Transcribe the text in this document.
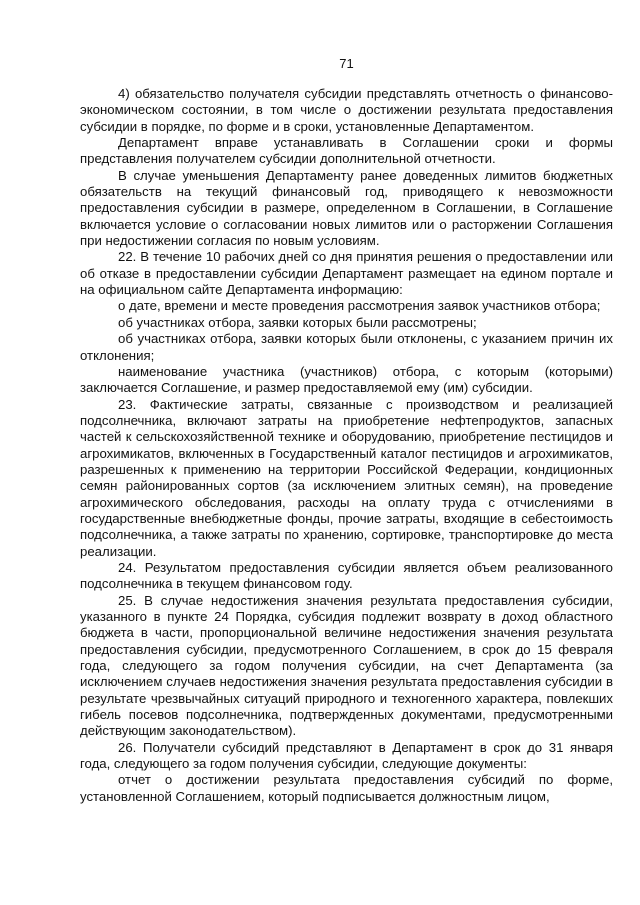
71

4) обязательство получателя субсидии представлять отчетность о финансово-экономическом состоянии, в том числе о достижении результата предоставления субсидии в порядке, по форме и в сроки, установленные Департаментом.

Департамент вправе устанавливать в Соглашении сроки и формы представления получателем субсидии дополнительной отчетности.

В случае уменьшения Департаменту ранее доведенных лимитов бюджетных обязательств на текущий финансовый год, приводящего к невозможности предоставления субсидии в размере, определенном в Соглашении, в Соглашение включается условие о согласовании новых лимитов или о расторжении Соглашения при недостижении согласия по новым условиям.

22. В течение 10 рабочих дней со дня принятия решения о предоставлении или об отказе в предоставлении субсидии Департамент размещает на едином портале и на официальном сайте Департамента информацию:

о дате, времени и месте проведения рассмотрения заявок участников отбора;

об участниках отбора, заявки которых были рассмотрены;

об участниках отбора, заявки которых были отклонены, с указанием причин их отклонения;

наименование участника (участников) отбора, с которым (которыми) заключается Соглашение, и размер предоставляемой ему (им) субсидии.

23. Фактические затраты, связанные с производством и реализацией подсолнечника, включают затраты на приобретение нефтепродуктов, запасных частей к сельскохозяйственной технике и оборудованию, приобретение пестицидов и агрохимикатов, включенных в Государственный каталог пестицидов и агрохимикатов, разрешенных к применению на территории Российской Федерации, кондиционных семян районированных сортов (за исключением элитных семян), на проведение агрохимического обследования, расходы на оплату труда с отчислениями в государственные внебюджетные фонды, прочие затраты, входящие в себестоимость подсолнечника, а также затраты по хранению, сортировке, транспортировке до места реализации.

24. Результатом предоставления субсидии является объем реализованного подсолнечника в текущем финансовом году.

25. В случае недостижения значения результата предоставления субсидии, указанного в пункте 24 Порядка, субсидия подлежит возврату в доход областного бюджета в части, пропорциональной величине недостижения значения результата предоставления субсидии, предусмотренного Соглашением, в срок до 15 февраля года, следующего за годом получения субсидии, на счет Департамента (за исключением случаев недостижения значения результата предоставления субсидии в результате чрезвычайных ситуаций природного и техногенного характера, повлекших гибель посевов подсолнечника, подтвержденных документами, предусмотренными действующим законодательством).

26. Получатели субсидий представляют в Департамент в срок до 31 января года, следующего за годом получения субсидии, следующие документы:

отчет о достижении результата предоставления субсидий по форме, установленной Соглашением, который подписывается должностным лицом,
